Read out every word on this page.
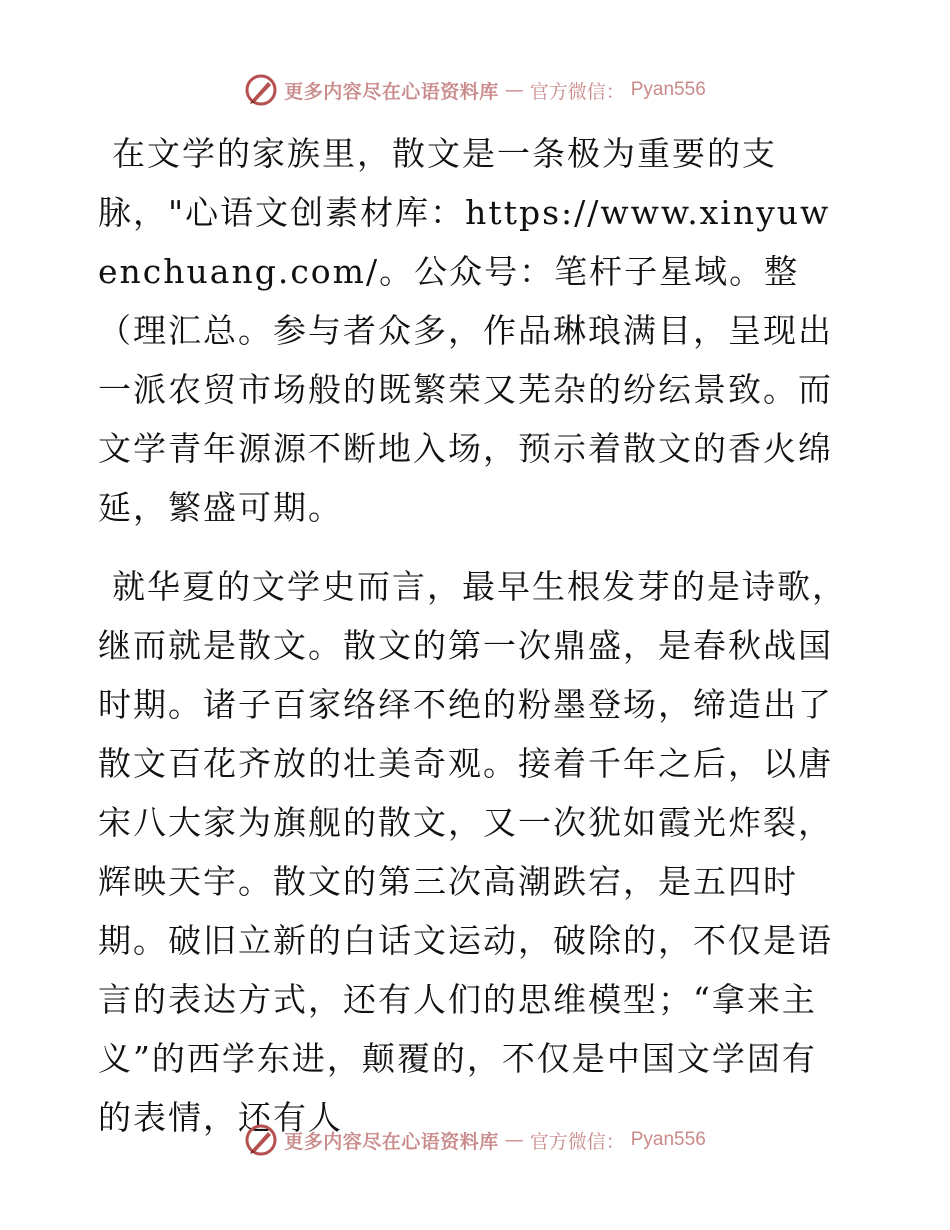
更多内容尽在心语资料库 — 官方微信： Pyan556

在文学的家族里，散文是一条极为重要的支脉，"心语文创素材库：https://www.xinyuwenchuang.com/。公众号：笔杆子星域。整（理汇总。参与者众多，作品琳琅满目，呈现出一派农贸市场般的既繁荣又芜杂的纷纭景致。而文学青年源源不断地入场，预示着散文的香火绵延，繁盛可期。

就华夏的文学史而言，最早生根发芽的是诗歌，继而就是散文。散文的第一次鼎盛，是春秋战国时期。诸子百家络绎不绝的粉墨登场，缔造出了散文百花齐放的壮美奇观。接着千年之后，以唐宋八大家为旗舰的散文，又一次犹如霞光炸裂，辉映天宇。散文的第三次高潮跌宕，是五四时期。破旧立新的白话文运动，破除的，不仅是语言的表达方式，还有人们的思维模型；“拿来主义”的西学东进，颠覆的，不仅是中国文学固有的表情，还有人

更多内容尽在心语资料库 — 官方微信： Pyan556
